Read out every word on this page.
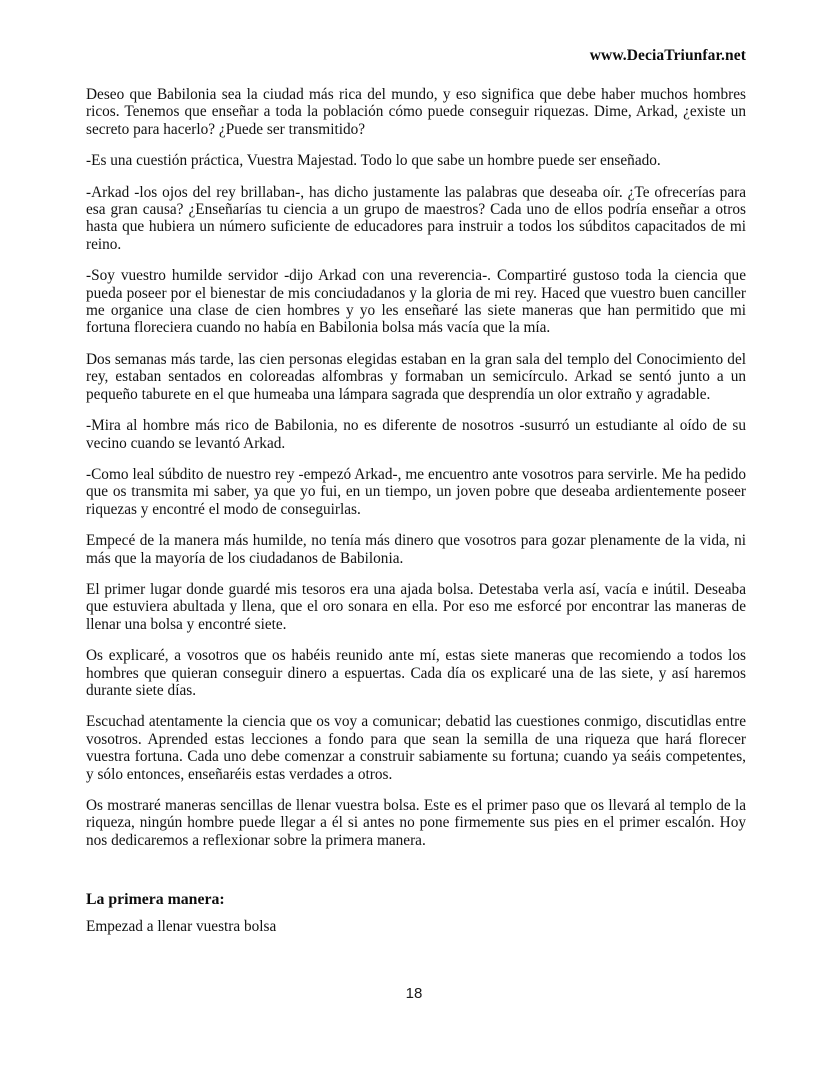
www.DeciaTriunfar.net

Deseo que Babilonia sea la ciudad más rica del mundo, y eso significa que debe haber muchos hombres ricos. Tenemos que enseñar a toda la población cómo puede conseguir riquezas. Dime, Arkad, ¿existe un secreto para hacerlo? ¿Puede ser transmitido?

-Es una cuestión práctica, Vuestra Majestad. Todo lo que sabe un hombre puede ser enseñado.

-Arkad -los ojos del rey brillaban-, has dicho justamente las palabras que deseaba oír. ¿Te ofrecerías para esa gran causa? ¿Enseñarías tu ciencia a un grupo de maestros? Cada uno de ellos podría enseñar a otros hasta que hubiera un número suficiente de educadores para instruir a todos los súbditos capacitados de mi reino.

-Soy vuestro humilde servidor -dijo Arkad con una reverencia-. Compartiré gustoso toda la ciencia que pueda poseer por el bienestar de mis conciudadanos y la gloria de mi rey. Haced que vuestro buen canciller me organice una clase de cien hombres y yo les enseñaré las siete maneras que han permitido que mi fortuna floreciera cuando no había en Babilonia bolsa más vacía que la mía.

Dos semanas más tarde, las cien personas elegidas estaban en la gran sala del templo del Conocimiento del rey, estaban sentados en coloreadas alfombras y formaban un semicírculo. Arkad se sentó junto a un pequeño taburete en el que humeaba una lámpara sagrada que desprendía un olor extraño y agradable.

-Mira al hombre más rico de Babilonia, no es diferente de nosotros -susurró un estudiante al oído de su vecino cuando se levantó Arkad.

-Como leal súbdito de nuestro rey -empezó Arkad-, me encuentro ante vosotros para servirle. Me ha pedido que os transmita mi saber, ya que yo fui, en un tiempo, un joven pobre que deseaba ardientemente poseer riquezas y encontré el modo de conseguirlas.

Empecé de la manera más humilde, no tenía más dinero que vosotros para gozar plenamente de la vida, ni más que la mayoría de los ciudadanos de Babilonia.

El primer lugar donde guardé mis tesoros era una ajada bolsa. Detestaba verla así, vacía e inútil. Deseaba que estuviera abultada y llena, que el oro sonara en ella. Por eso me esforcé por encontrar las maneras de llenar una bolsa y encontré siete.

Os explicaré, a vosotros que os habéis reunido ante mí, estas siete maneras que recomiendo a todos los hombres que quieran conseguir dinero a espuertas. Cada día os explicaré una de las siete, y así haremos durante siete días.

Escuchad atentamente la ciencia que os voy a comunicar; debatid las cuestiones conmigo, discutidlas entre vosotros. Aprended estas lecciones a fondo para que sean la semilla de una riqueza que hará florecer vuestra fortuna. Cada uno debe comenzar a construir sabiamente su fortuna; cuando ya seáis competentes, y sólo entonces, enseñaréis estas verdades a otros.

Os mostraré maneras sencillas de llenar vuestra bolsa. Este es el primer paso que os llevará al templo de la riqueza, ningún hombre puede llegar a él si antes no pone firmemente sus pies en el primer escalón. Hoy nos dedicaremos a reflexionar sobre la primera manera.

La primera manera:

Empezad a llenar vuestra bolsa

18
